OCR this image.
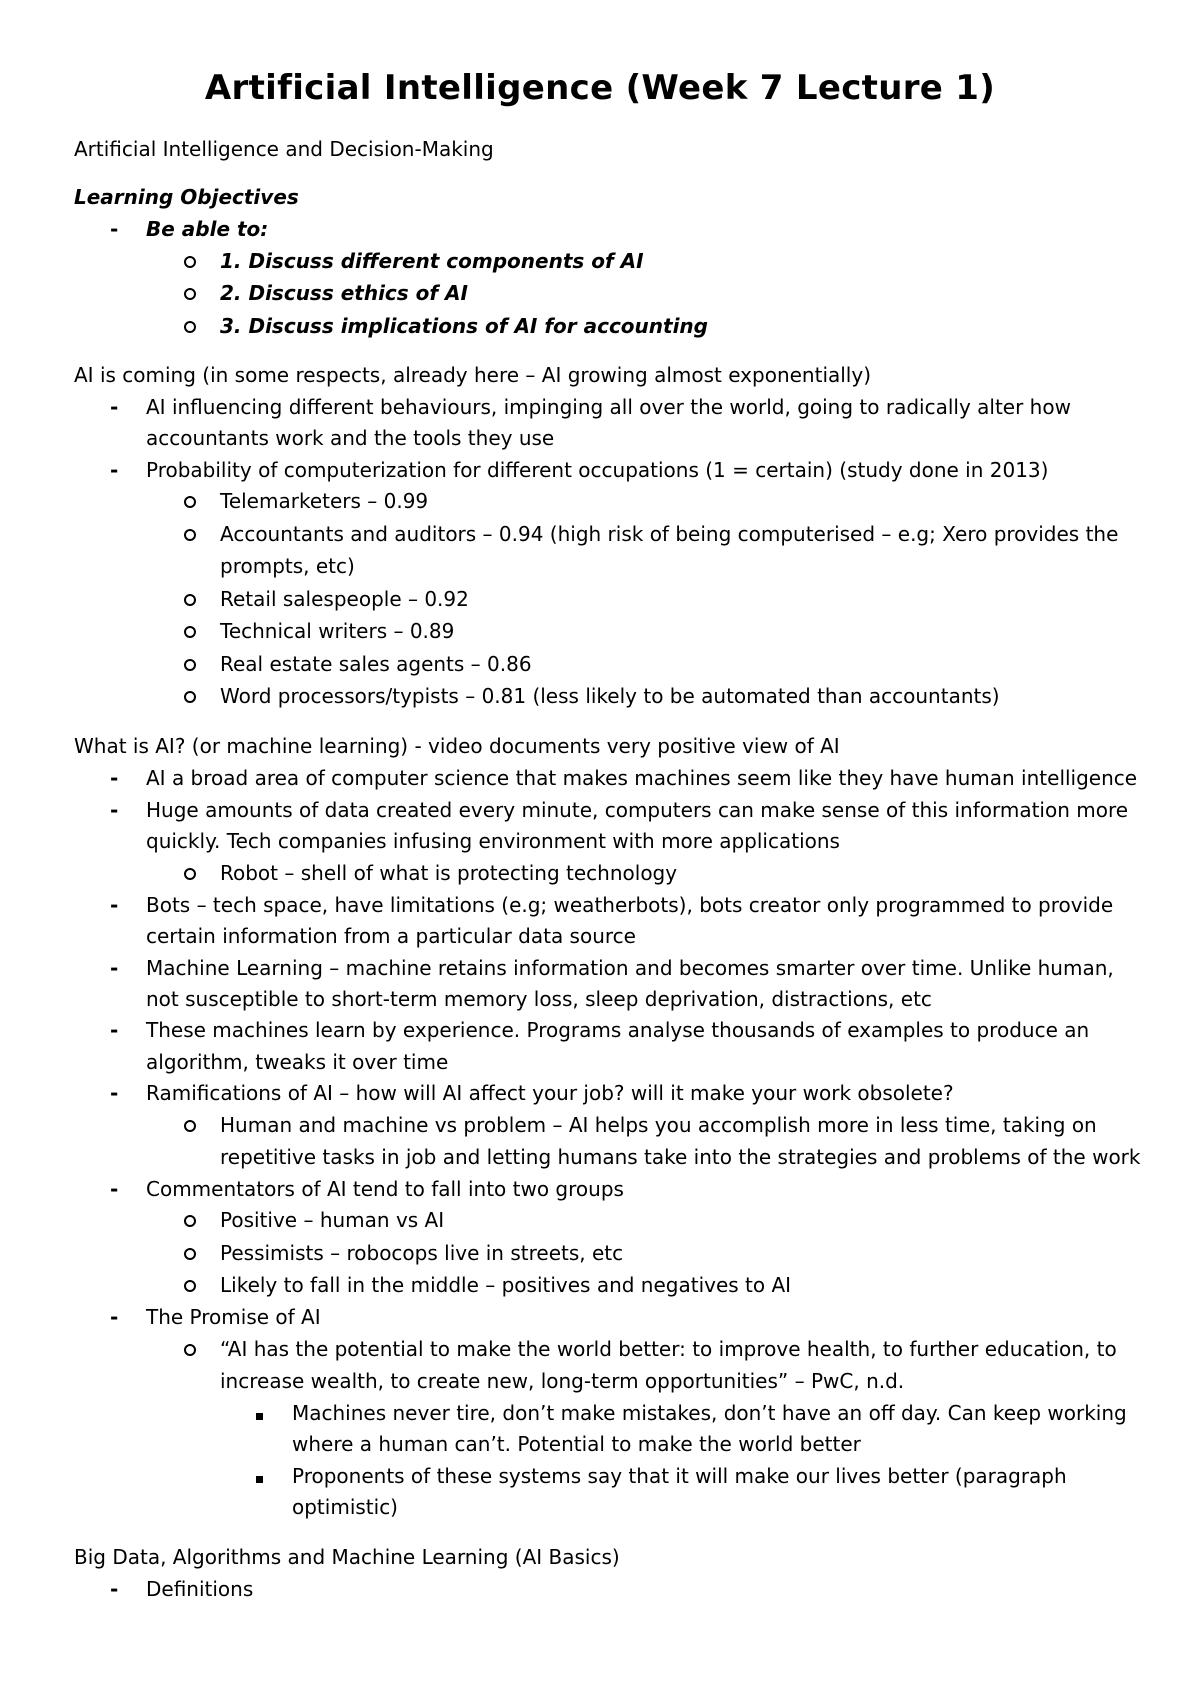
Artificial Intelligence (Week 7 Lecture 1)
Artificial Intelligence and Decision-Making
Learning Objectives
- Be able to:
1. Discuss different components of AI
2. Discuss ethics of AI
3. Discuss implications of AI for accounting
AI is coming (in some respects, already here – AI growing almost exponentially)
- AI influencing different behaviours, impinging all over the world, going to radically alter how
accountants work and the tools they use
- Probability of computerization for different occupations (1 = certain) (study done in 2013)
Telemarketers – 0.99
Accountants and auditors – 0.94 (high risk of being computerised – e.g; Xero provides the
prompts, etc)
Retail salespeople – 0.92
Technical writers – 0.89
Real estate sales agents – 0.86
Word processors/typists – 0.81 (less likely to be automated than accountants)
What is AI? (or machine learning) - video documents very positive view of AI
- AI a broad area of computer science that makes machines seem like they have human intelligence
- Huge amounts of data created every minute, computers can make sense of this information more
quickly. Tech companies infusing environment with more applications
Robot – shell of what is protecting technology
- Bots – tech space, have limitations (e.g; weatherbots), bots creator only programmed to provide
certain information from a particular data source
- Machine Learning – machine retains information and becomes smarter over time. Unlike human,
not susceptible to short-term memory loss, sleep deprivation, distractions, etc
- These machines learn by experience. Programs analyse thousands of examples to produce an
algorithm, tweaks it over time
- Ramifications of AI – how will AI affect your job? will it make your work obsolete?
Human and machine vs problem – AI helps you accomplish more in less time, taking on
repetitive tasks in job and letting humans take into the strategies and problems of the work
- Commentators of AI tend to fall into two groups
Positive – human vs AI
Pessimists – robocops live in streets, etc
Likely to fall in the middle – positives and negatives to AI
- The Promise of AI
“AI has the potential to make the world better: to improve health, to further education, to
increase wealth, to create new, long-term opportunities” – PwC, n.d.
Machines never tire, don’t make mistakes, don’t have an off day. Can keep working
where a human can’t. Potential to make the world better
Proponents of these systems say that it will make our lives better (paragraph
optimistic)
Big Data, Algorithms and Machine Learning (AI Basics)
- Definitions
